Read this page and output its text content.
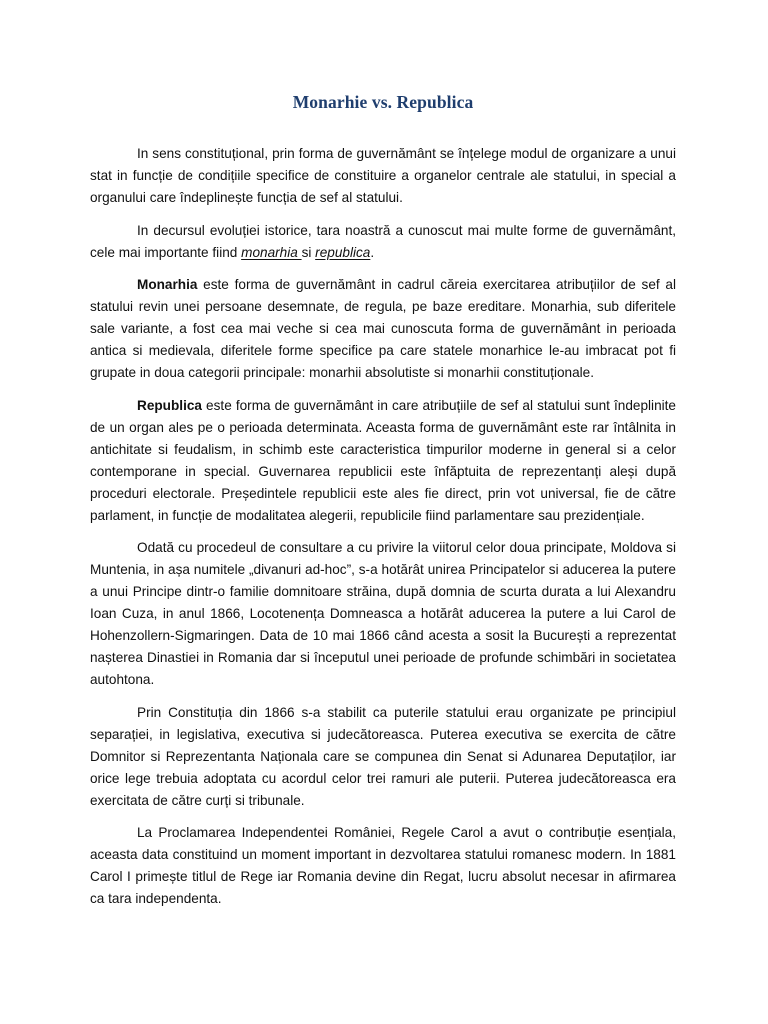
Monarhie vs. Republica

In sens constituțional, prin forma de guvernământ se înțelege modul de organizare a unui stat in funcție de condițiile specifice de constituire a organelor centrale ale statului, in special a organului care îndeplinește funcția de sef al statului.

In decursul evoluției istorice, tara noastră a cunoscut mai multe forme de guvernământ, cele mai importante fiind monarhia si republica.

Monarhia este forma de guvernământ in cadrul căreia exercitarea atribuțiilor de sef al statului revin unei persoane desemnate, de regula, pe baze ereditare. Monarhia, sub diferitele sale variante, a fost cea mai veche si cea mai cunoscuta forma de guvernământ in perioada antica si medievala, diferitele forme specifice pa care statele monarhice le-au imbracat pot fi grupate in doua categorii principale: monarhii absolutiste si monarhii constituționale.

Republica este forma de guvernământ in care atribuțiile de sef al statului sunt îndeplinite de un organ ales pe o perioada determinata. Aceasta forma de guvernământ este rar întâlnita in antichitate si feudalism, in schimb este caracteristica timpurilor moderne in general si a celor contemporane in special. Guvernarea republicii este înfăptuita de reprezentanți aleși după proceduri electorale. Președintele republicii este ales fie direct, prin vot universal, fie de către parlament, in funcție de modalitatea alegerii, republicile fiind parlamentare sau prezidențiale.

Odată cu procedeul de consultare a cu privire la viitorul celor doua principate, Moldova si Muntenia, in așa numitele „divanuri ad-hoc”, s-a hotărât unirea Principatelor si aducerea la putere a unui Principe dintr-o familie domnitoare străina, după domnia de scurta durata a lui Alexandru Ioan Cuza, in anul 1866, Locotenența Domneasca a hotărât aducerea la putere a lui Carol de Hohenzollern-Sigmaringen. Data de 10 mai 1866 când acesta a sosit la București a reprezentat nașterea Dinastiei in Romania dar si începutul unei perioade de profunde schimbări in societatea autohtona.

Prin Constituția din 1866 s-a stabilit ca puterile statului erau organizate pe principiul separației, in legislativa, executiva si judecătoreasca. Puterea executiva se exercita de către Domnitor si Reprezentanta Naționala care se compunea din Senat si Adunarea Deputaților, iar orice lege trebuia adoptata cu acordul celor trei ramuri ale puterii. Puterea judecătoreasca era exercitata de către curți si tribunale.

La Proclamarea Independentei României, Regele Carol a avut o contribuție esențiala, aceasta data constituind un moment important in dezvoltarea statului romanesc modern. In 1881 Carol I primește titlul de Rege iar Romania devine din Regat, lucru absolut necesar in afirmarea ca tara independenta.
